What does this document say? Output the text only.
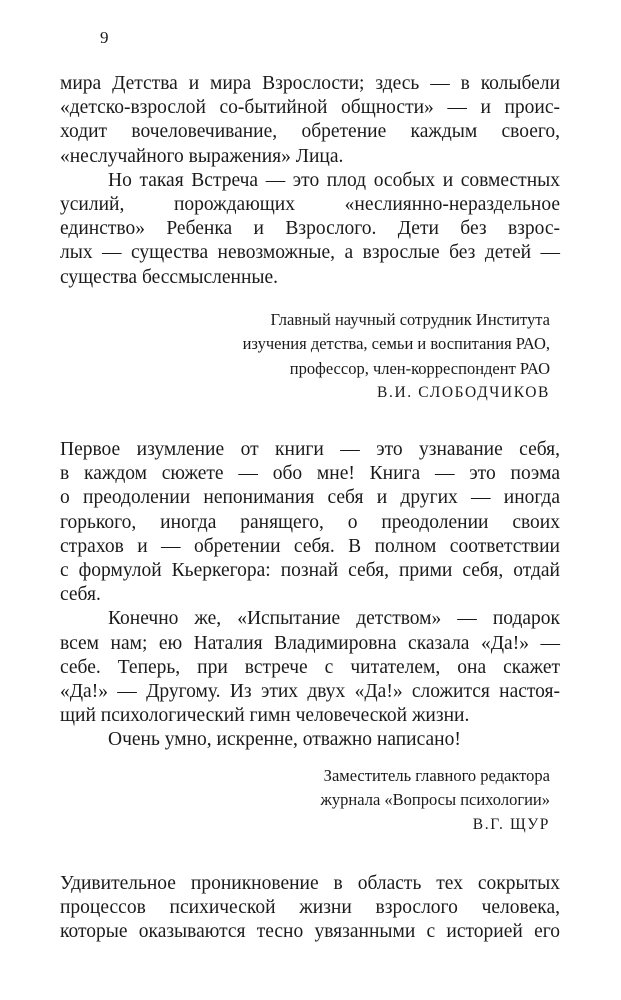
9
мира Детства и мира Взрослости; здесь — в колыбели
«детско-взрослой со-бытийной общности» — и проис-
ходит вочеловечивание, обретение каждым своего,
«неслучайного выражения» Лица.
Но такая Встреча — это плод особых и совместных
усилий, порождающих «неслиянно-нераздельное
единство» Ребенка и Взрослого. Дети без взрос-
лых — существа невозможные, а взрослые без детей —
существа бессмысленные.
Главный научный сотрудник Института
изучения детства, семьи и воспитания РАО,
профессор, член-корреспондент РАО
В.И. СЛОБОДЧИКОВ
Первое изумление от книги — это узнавание себя,
в каждом сюжете — обо мне! Книга — это поэма
о преодолении непонимания себя и других — иногда
горького, иногда ранящего, о преодолении своих
страхов и — обретении себя. В полном соответствии
с формулой Кьеркегора: познай себя, прими себя, отдай
себя.
Конечно же, «Испытание детством» — подарок
всем нам; ею Наталия Владимировна сказала «Да!» —
себе. Теперь, при встрече с читателем, она скажет
«Да!» — Другому. Из этих двух «Да!» сложится настоя-
щий психологический гимн человеческой жизни.
Очень умно, искренне, отважно написано!
Заместитель главного редактора
журнала «Вопросы психологии»
В.Г. ЩУР
Удивительное проникновение в область тех сокрытых
процессов психической жизни взрослого человека,
которые оказываются тесно увязанными с историей его
